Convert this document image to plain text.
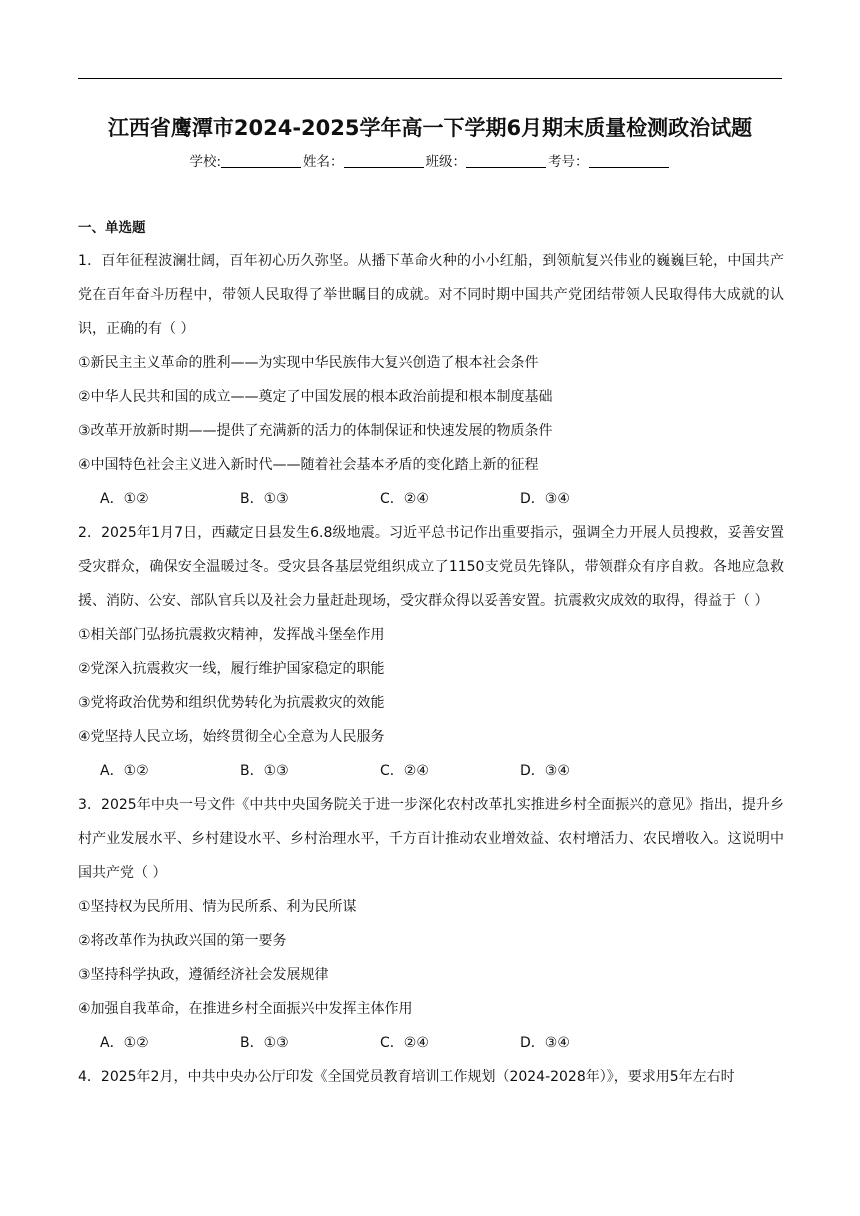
江西省鹰潭市2024-2025学年高一下学期6月期末质量检测政治试题
学校:	姓名：	班级：	考号：
一、单选题

1．百年征程波澜壮阔，百年初心历久弥坚。从播下革命火种的小小红船，到领航复兴伟业的巍巍巨轮，中国共产党在百年奋斗历程中，带领人民取得了举世瞩目的成就。对不同时期中国共产党团结带领人民取得伟大成就的认识，正确的有（ ）

①新民主主义革命的胜利——为实现中华民族伟大复兴创造了根本社会条件

②中华人民共和国的成立——奠定了中国发展的根本政治前提和根本制度基础

③改革开放新时期——提供了充满新的活力的体制保证和快速发展的物质条件

④中国特色社会主义进入新时代——随着社会基本矛盾的变化踏上新的征程

A．①②	B．①③	C．②④	D．③④

2．2025年1月7日，西藏定日县发生6.8级地震。习近平总书记作出重要指示，强调全力开展人员搜救，妥善安置受灾群众，确保安全温暖过冬。受灾县各基层党组织成立了1150支党员先锋队，带领群众有序自救。各地应急救援、消防、公安、部队官兵以及社会力量赶赴现场，受灾群众得以妥善安置。抗震救灾成效的取得，得益于（ ）

①相关部门弘扬抗震救灾精神，发挥战斗堡垒作用

②党深入抗震救灾一线，履行维护国家稳定的职能

③党将政治优势和组织优势转化为抗震救灾的效能

④党坚持人民立场，始终贯彻全心全意为人民服务

A．①②	B．①③	C．②④	D．③④

3．2025年中央一号文件《中共中央国务院关于进一步深化农村改革扎实推进乡村全面振兴的意见》指出，提升乡村产业发展水平、乡村建设水平、乡村治理水平，千方百计推动农业增效益、农村增活力、农民增收入。这说明中国共产党（ ）

①坚持权为民所用、情为民所系、利为民所谋

②将改革作为执政兴国的第一要务

③坚持科学执政，遵循经济社会发展规律

④加强自我革命，在推进乡村全面振兴中发挥主体作用

A．①②	B．①③	C．②④	D．③④

4．2025年2月，中共中央办公厅印发《全国党员教育培训工作规划（2024-2028年）》，要求用5年左右时
